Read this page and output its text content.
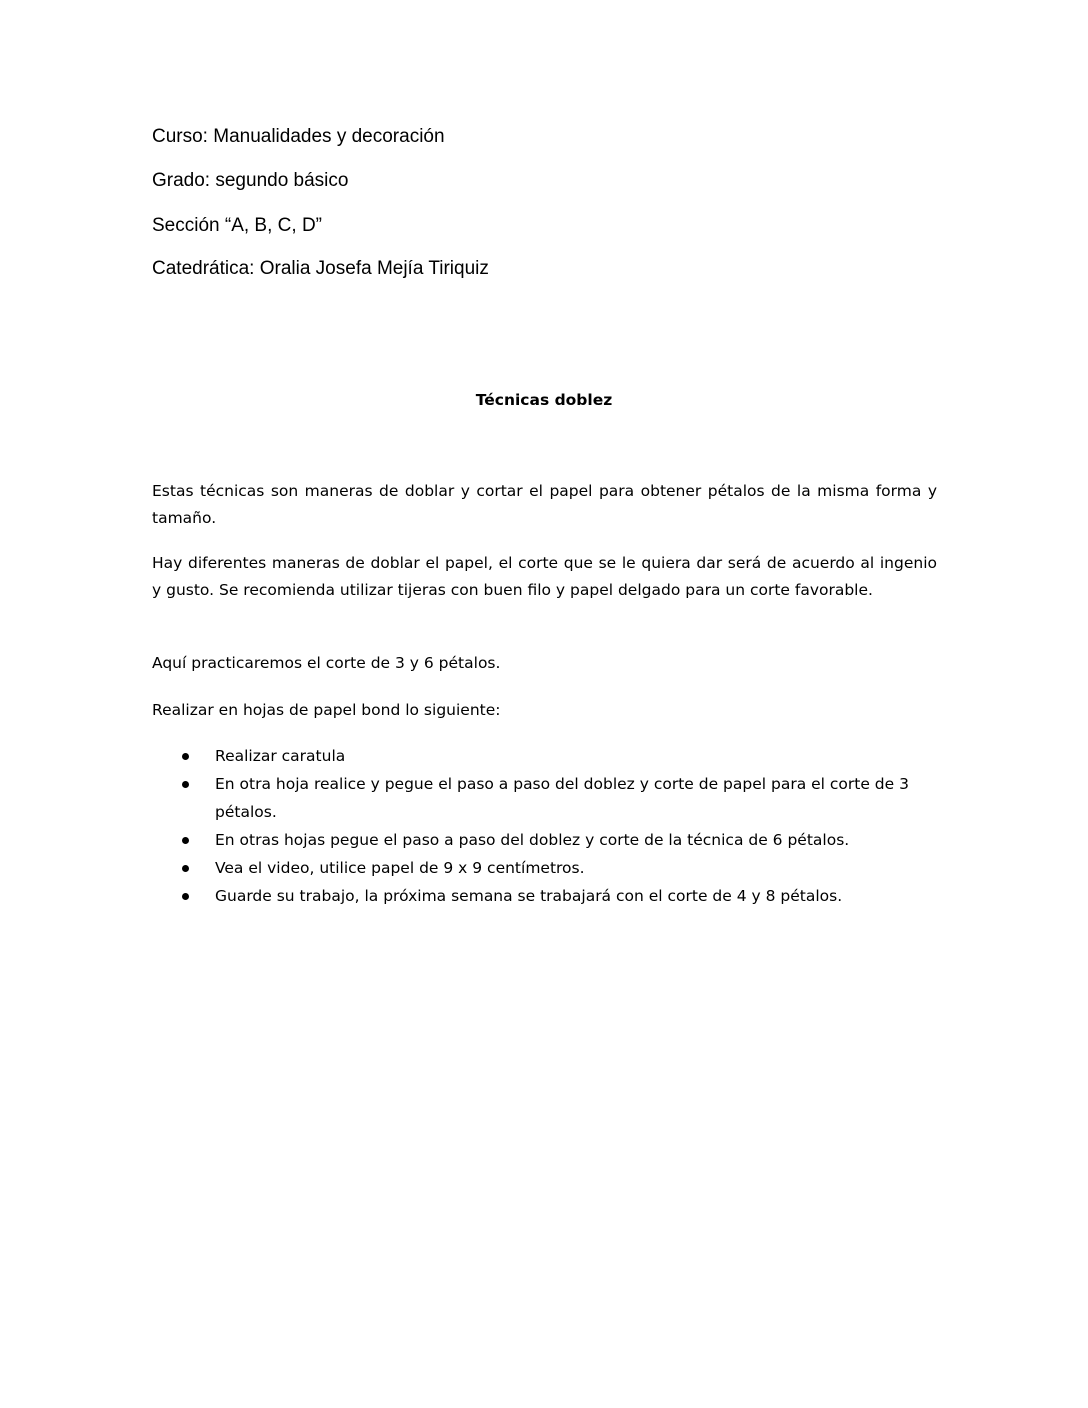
Curso: Manualidades y decoración
Grado: segundo básico
Sección “A, B, C, D”
Catedrática: Oralia Josefa Mejía Tiriquiz
Técnicas doblez
Estas técnicas son maneras de doblar y cortar el papel para obtener pétalos de la misma forma y tamaño.
Hay diferentes maneras de doblar el papel, el corte que se le quiera dar será de acuerdo al ingenio y gusto. Se recomienda utilizar tijeras con buen filo y papel delgado para un corte favorable.
Aquí practicaremos el corte de 3 y 6 pétalos.
Realizar en hojas de papel bond lo siguiente:
Realizar caratula
En otra hoja realice y pegue el paso a paso del doblez y corte de papel para el corte de 3 pétalos.
En otras hojas pegue el paso a paso del doblez y corte de la técnica de 6 pétalos.
Vea el video, utilice papel de 9 x 9 centímetros.
Guarde su trabajo, la próxima semana se trabajará con el corte de 4 y 8 pétalos.
